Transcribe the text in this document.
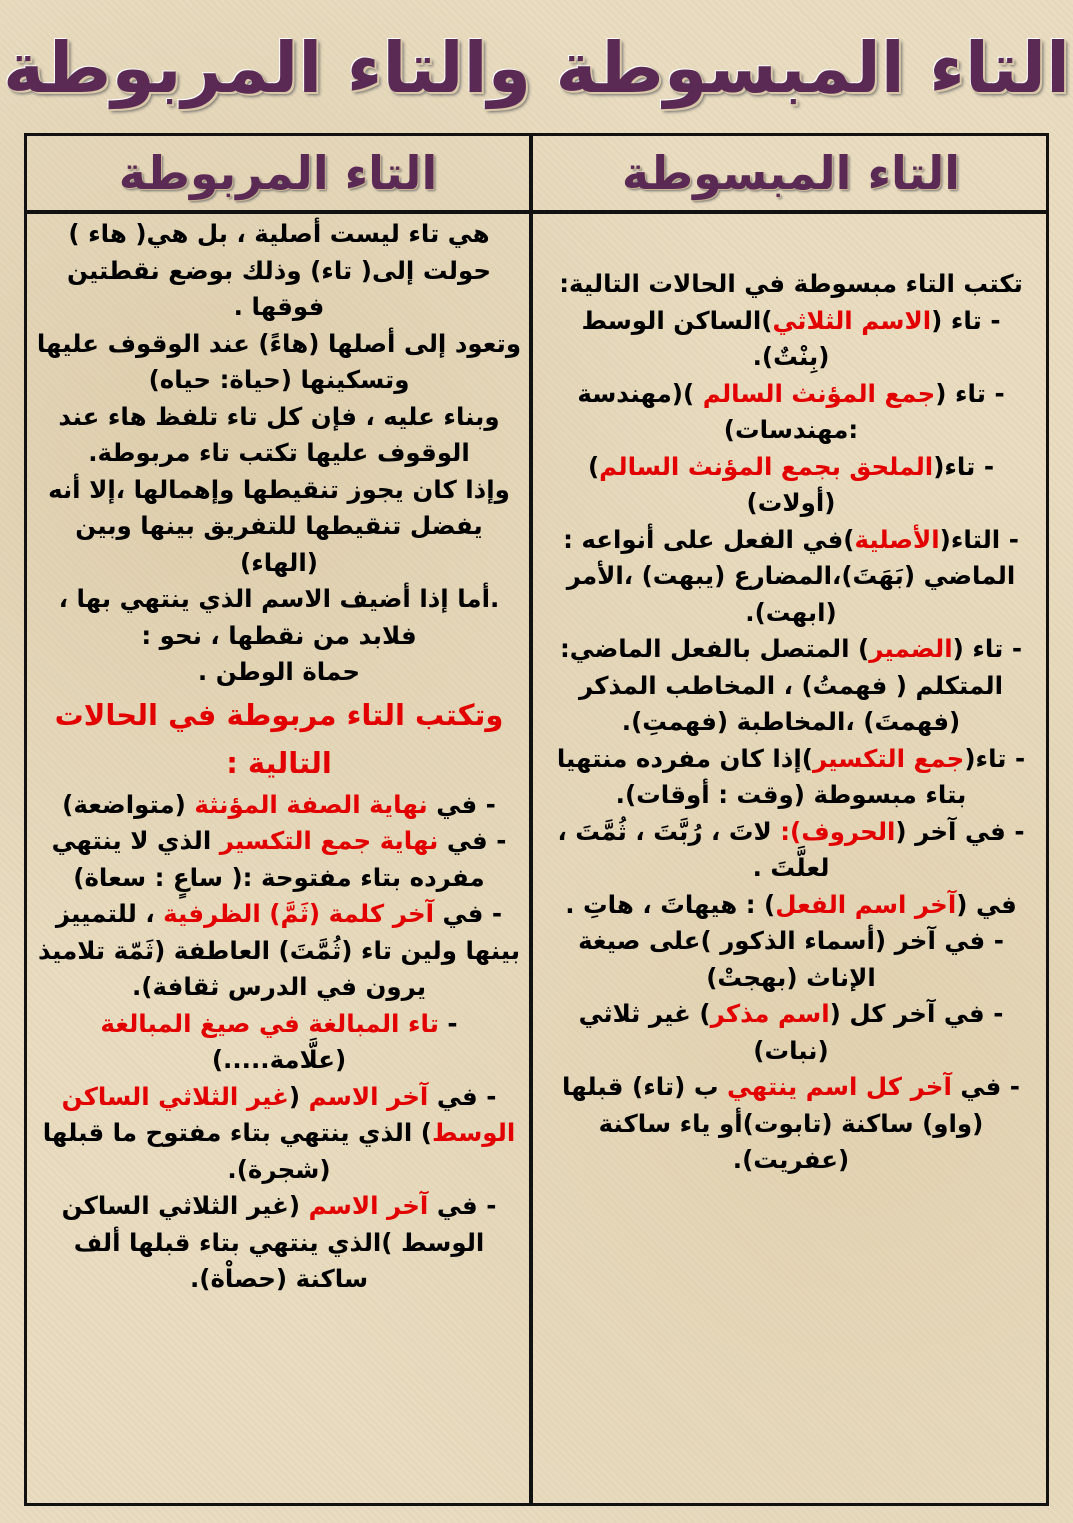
التاء المبسوطة والتاء المربوطة
التاء المبسوطة
التاء المربوطة

تكتب التاء مبسوطة في الحالات التالية:

- تاء (الاسم الثلاثي)الساكن الوسط (بِنْتٌ).

- تاء (جمع المؤنث السالم )(مهندسة :مهندسات)

- تاء(الملحق بجمع المؤنث السالم) (أولات)

- التاء(الأصلية)في الفعل على أنواعه : الماضي (بَهَتَ)،المضارع (يبهت) ،الأمر (ابهت).

- تاء (الضمير) المتصل بالفعل الماضي:

المتكلم ( فهمتُ) ، المخاطب المذكر (فهمتَ) ،المخاطبة (فهمتِ).

- تاء(جمع التكسير)إذا كان مفرده منتهيا بتاء مبسوطة (وقت : أوقات).

- في آخر (الحروف): لاتَ ، رُبَّتَ ، ثُمَّتَ ، لعلَّتَ .

في (آخر اسم الفعل) : هيهاتَ ، هاتِ .

- في آخر (أسماء الذكور )على صيغة الإناث (بهجتْ)

- في آخر كل (اسم مذكر) غير ثلاثي (نبات)

- في آخر كل اسم ينتهي ب (تاء) قبلها (واو) ساكنة (تابوت)أو ياء ساكنة (عفريت).

هي تاء ليست أصلية ، بل هي( هاء ) حولت إلى( تاء) وذلك بوضع نقطتين فوقها .

وتعود إلى أصلها (هاءً) عند الوقوف عليها وتسكينها (حياة: حياه)

وبناء عليه ، فإن كل تاء تلفظ هاء عند الوقوف عليها تكتب تاء مربوطة.

وإذا كان يجوز تنقيطها وإهمالها ،إلا أنه يفضل تنقيطها للتفريق بينها وبين (الهاء)

.أما إذا أضيف الاسم الذي ينتهي بها ، فلابد من نقطها ، نحو :

حماة الوطن .

وتكتب التاء مربوطة في الحالات التالية :

- في نهاية الصفة المؤنثة (متواضعة)

- في نهاية جمع التكسير الذي لا ينتهي مفرده بتاء مفتوحة :( ساعٍ : سعاة)

- في آخر كلمة (ثَمَّ) الظرفية ، للتمييز بينها ولين تاء (ثُمَّتَ) العاطفة (ثَمّة تلاميذ يرون في الدرس ثقافة).

- تاء المبالغة في صيغ المبالغة (علَّامة.....)

- في آخر الاسم (غير الثلاثي الساكن الوسط) الذي ينتهي بتاء مفتوح ما قبلها (شجرة).

- في آخر الاسم (غير الثلاثي الساكن الوسط )الذي ينتهي بتاء قبلها ألف ساكنة (حصاْة).
